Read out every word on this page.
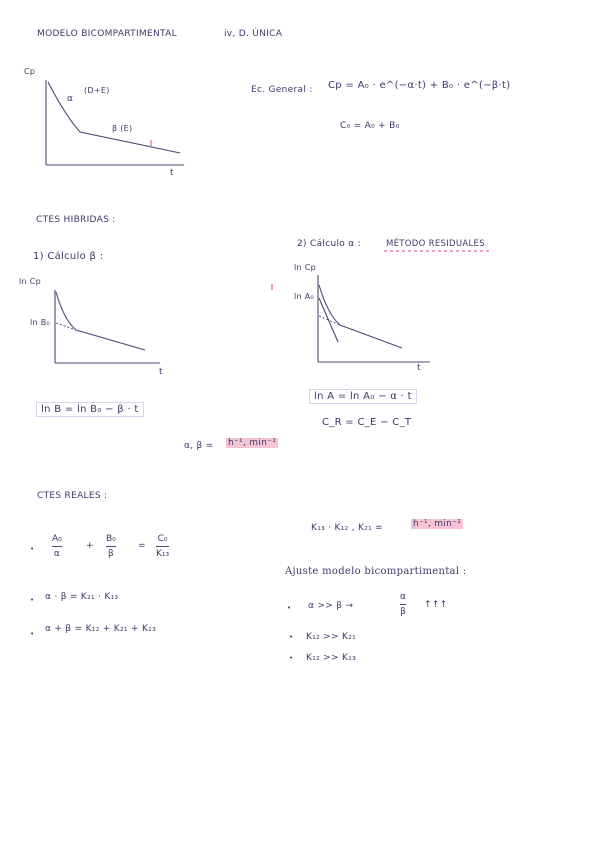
MODELO BICOMPARTIMENTAL	iv, D. ÚNICA
Cp
t
α
(D+E)
β (E)
Ec. General : Cp = A₀ · e^(−α·t) + B₀ · e^(−β·t)
C₀ = A₀ + B₀
CTES HIBRIDAS :
1) Cálculo β :
2) Cálculo α :	MÉTODO RESIDUALES
ln Cp
ln B₀
t
ln Cp
ln A₀
t
ln B = ln B₀ − β · t
ln A = ln A₀ − α · t
C_R = C_E − C_T
α, β = h⁻¹, min⁻¹
CTES REALES :
•
A₀
α
+
B₀
β
=
C₀
K₁₃
• α · β = K₂₁ · K₁₃
• α + β = K₁₂ + K₂₁ + K₁₃
K₁₃ · K₁₂ , K₂₁ =	h⁻¹, min⁻¹
Ajuste modelo bicompartimental :
• α >> β →
α
β
↑↑↑
• K₁₂ >> K₂₁
• K₁₂ >> K₁₃
